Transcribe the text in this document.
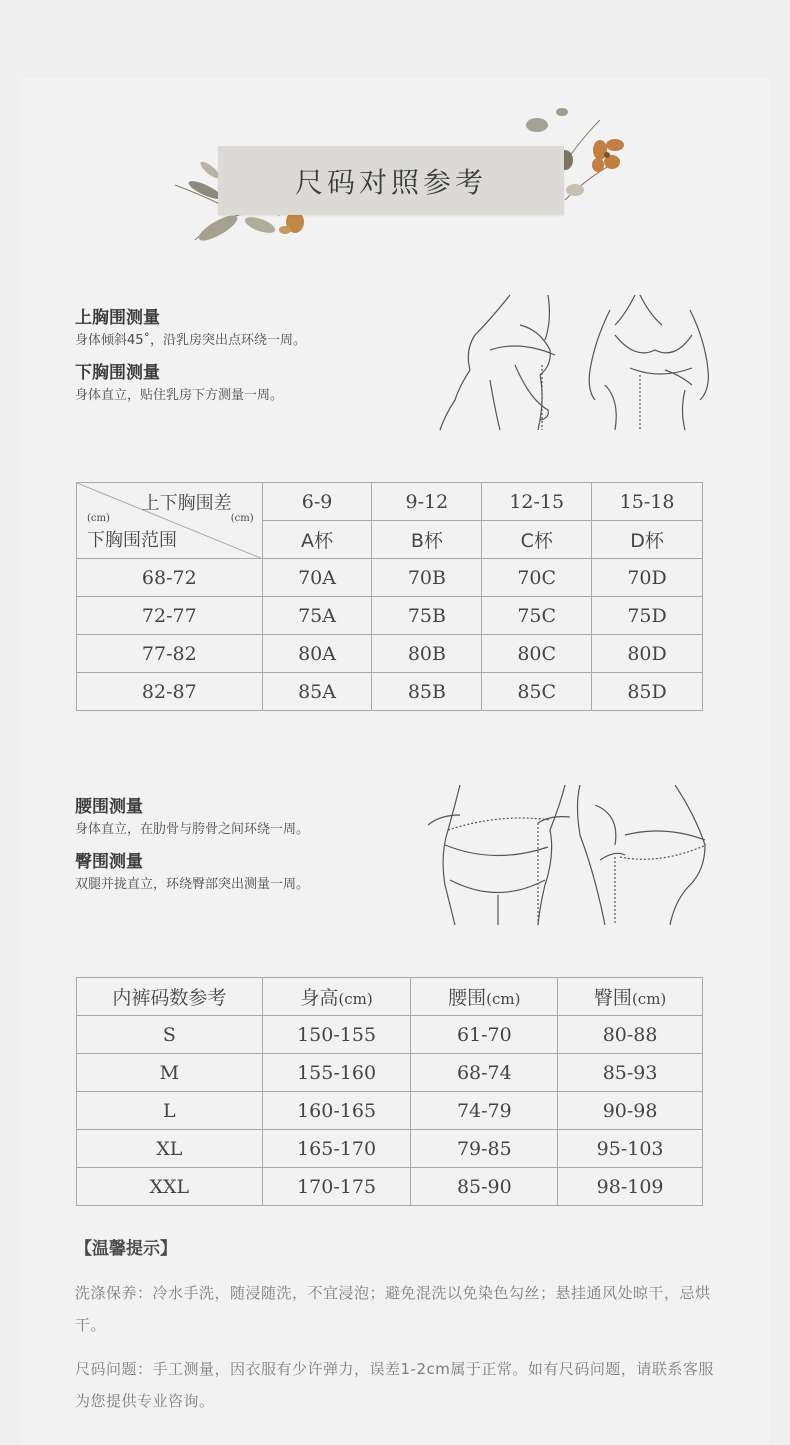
尺码对照参考
上胸围测量
身体倾斜45˚，沿乳房突出点环绕一周。
下胸围测量
身体直立，贴住乳房下方测量一周。
上下胸围差
(cm) (cm)
下胸围范围	6-9	9-12	12-15	15-18
	A杯	B杯	C杯	D杯
68-72	70A	70B	70C	70D
72-77	75A	75B	75C	75D
77-82	80A	80B	80C	80D
82-87	85A	85B	85C	85D
腰围测量
身体直立，在肋骨与胯骨之间环绕一周。
臀围测量
双腿并拢直立，环绕臀部突出测量一周。
内裤码数参考	身高(cm)	腰围(cm)	臀围(cm)
S	150-155	61-70	80-88
M	155-160	68-74	85-93
L	160-165	74-79	90-98
XL	165-170	79-85	95-103
XXL	170-175	85-90	98-109
【温馨提示】

洗涤保养：冷水手洗，随浸随洗，不宜浸泡；避免混洗以免染色勾丝；悬挂通风处晾干，忌烘干。

尺码问题：手工测量，因衣服有少许弹力，误差1-2cm属于正常。如有尺码问题，请联系客服为您提供专业咨询。
